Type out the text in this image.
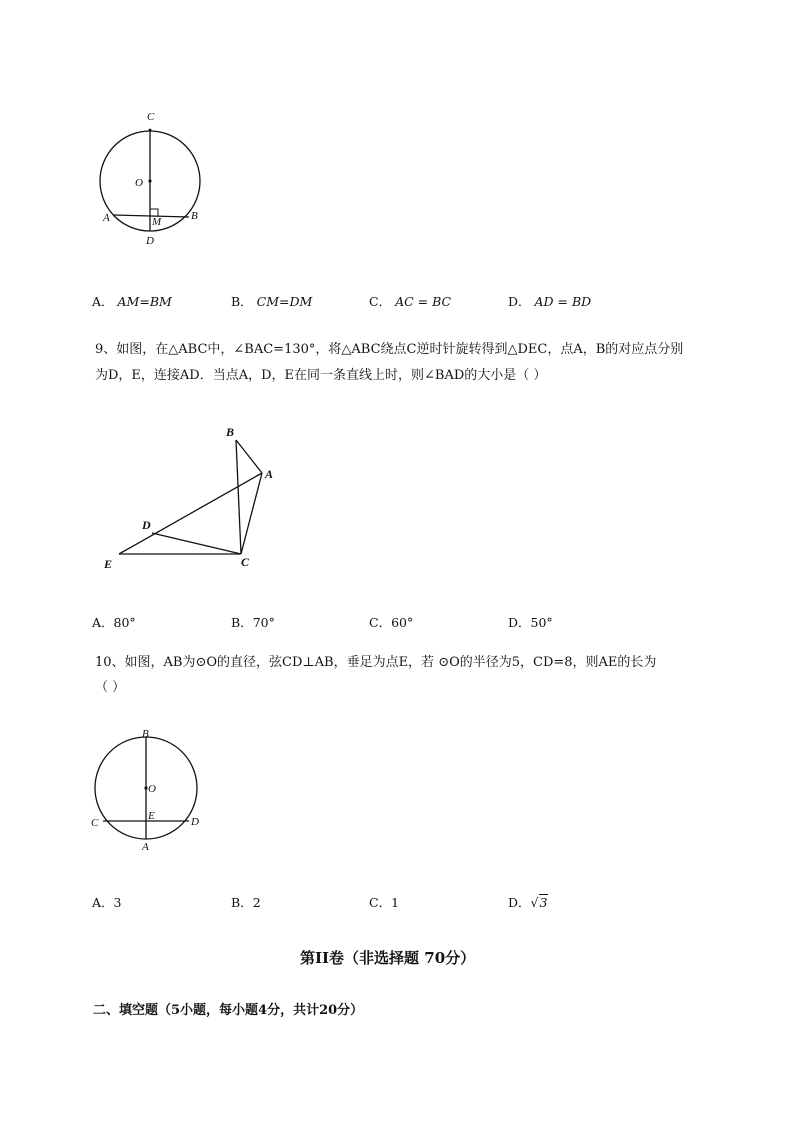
C
O
A	B
M
D
A． AM=BM	B． CM=DM	C． AC = BC	D． AD = BD
9、如图，在△ABC中，∠BAC=130°，将△ABC绕点C逆时针旋转得到△DEC，点A，B的对应点分别
为D，E，连接AD．当点A，D，E在同一条直线上时，则∠BAD的大小是（ ）
B
A
D
E	C
A．80°	B．70°	C．60°	D．50°
10、如图，AB为⊙O的直径，弦CD⊥AB，垂足为点E，若 ⊙O的半径为5，CD=8，则AE的长为
（ ）
B
O
C
E	D
A
A．3	B．2	C．1	D．√3
第II卷（非选择题 70分）
二、填空题（5小题，每小题4分，共计20分）
